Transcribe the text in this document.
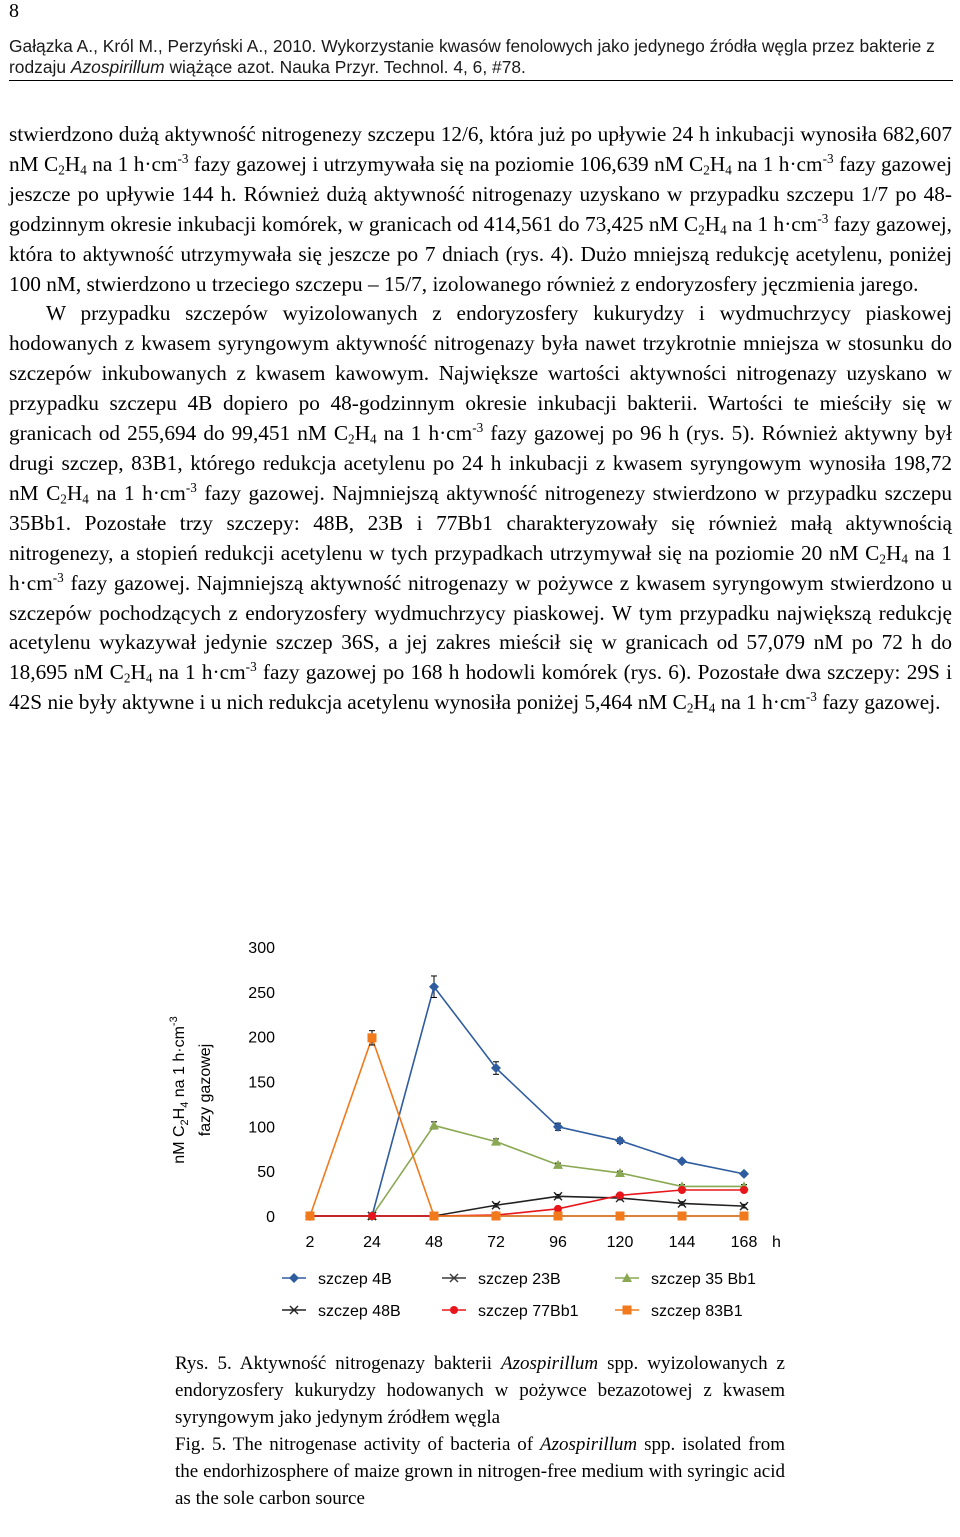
8
Gałązka A., Król M., Perzyński A., 2010. Wykorzystanie kwasów fenolowych jako jedynego źródła węgla przez bakterie z rodzaju Azospirillum wiążące azot. Nauka Przyr. Technol. 4, 6, #78.

stwierdzono dużą aktywność nitrogenezy szczepu 12/6, która już po upływie 24 h inkubacji wynosiła 682,607 nM $C_2H_4$ na 1 $h\cdot cm^{-3}$ fazy gazowej i utrzymywała się na poziomie 106,639 nM $C_2H_4$ na 1 $h\cdot cm^{-3}$ fazy gazowej jeszcze po upływie 144 h. Również dużą aktywność nitrogenazy uzyskano w przypadku szczepu 1/7 po 48-godzinnym okresie inkubacji komórek, w granicach od 414,561 do 73,425 nM $C_2H_4$ na 1 $h\cdot cm^{-3}$ fazy gazowej, która to aktywność utrzymywała się jeszcze po 7 dniach (rys. 4). Dużo mniejszą redukcję acetylenu, poniżej 100 nM, stwierdzono u trzeciego szczepu – 15/7, izolowanego również z endoryzosfery jęczmienia jarego.

W przypadku szczepów wyizolowanych z endoryzosfery kukurydzy i wydmuchrzycy piaskowej hodowanych z kwasem syryngowym aktywność nitrogenazy była nawet trzykrotnie mniejsza w stosunku do szczepów inkubowanych z kwasem kawowym. Największe wartości aktywności nitrogenazy uzyskano w przypadku szczepu 4B dopiero po 48-godzinnym okresie inkubacji bakterii. Wartości te mieściły się w granicach od 255,694 do 99,451 nM $C_2H_4$ na 1 $h\cdot cm^{-3}$ fazy gazowej po 96 h (rys. 5). Również aktywny był drugi szczep, 83B1, którego redukcja acetylenu po 24 h inkubacji z kwasem syryngowym wynosiła 198,72 nM $C_2H_4$ na 1 $h\cdot cm^{-3}$ fazy gazowej. Najmniejszą aktywność nitrogenezy stwierdzono w przypadku szczepu 35Bb1. Pozostałe trzy szczepy: 48B, 23B i 77Bb1 charakteryzowały się również małą aktywnością nitrogenezy, a stopień redukcji acetylenu w tych przypadkach utrzymywał się na poziomie 20 nM $C_2H_4$ na 1 $h\cdot cm^{-3}$ fazy gazowej. Najmniejszą aktywność nitrogenazy w pożywce z kwasem syryngowym stwierdzono u szczepów pochodzących z endoryzosfery wydmuchrzycy piaskowej. W tym przypadku największą redukcję acetylenu wykazywał jedynie szczep 36S, a jej zakres mieścił się w granicach od 57,079 nM po 72 h do 18,695 nM $C_2H_4$ na 1 $h\cdot cm^{-3}$ fazy gazowej po 168 h hodowli komórek (rys. 6). Pozostałe dwa szczepy: 29S i 42S nie były aktywne i u nich redukcja acetylenu wynosiła poniżej 5,464 nM $C_2H_4$ na 1 $h\cdot cm^{-3}$ fazy gazowej.

nM $C_2H_4$ na 1 $h\cdot cm^{-3}$
fazy gazowej
0
50
100
150
200
250
300
2	24	48	72	96 120 144 168 h
szczep 4B	szczep 23B	szczep 35 Bb1
szczep 48B	szczep 77Bb1	szczep 83B1

Rys. 5. Aktywność nitrogenazy bakterii Azospirillum spp. wyizolowanych z endoryzosfery kukurydzy hodowanych w pożywce bezazotowej z kwasem syryngowym jako jedynym źródłem węgla

Fig. 5. The nitrogenase activity of bacteria of Azospirillum spp. isolated from the endorhizosphere of maize grown in nitrogen-free medium with syringic acid as the sole carbon source
